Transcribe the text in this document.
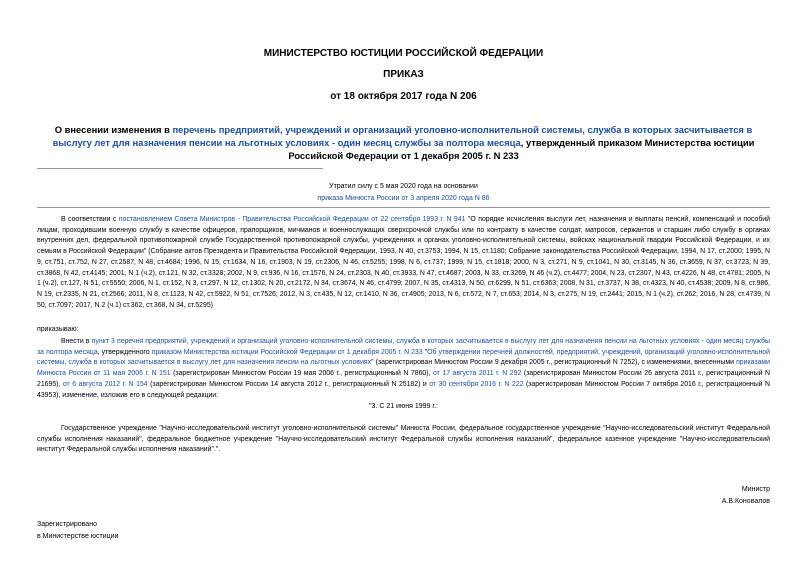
МИНИСТЕРСТВО ЮСТИЦИИ РОССИЙСКОЙ ФЕДЕРАЦИИ
ПРИКАЗ
от 18 октября 2017 года N 206
О внесении изменения в перечень предприятий, учреждений и организаций уголовно-исполнительной системы, служба в которых засчитывается в выслугу лет для назначения пенсии на льготных условиях - один месяц службы за полтора месяца, утвержденный приказом Министерства юстиции Российской Федерации от 1 декабря 2005 г. N 233
Утратил силу с 5 мая 2020 года на основании
приказа Минюста России от 3 апреля 2020 года N 86
В соответствии с постановлением Совета Министров - Правительства Российской Федерации от 22 сентября 1993 г. N 941 "О порядке исчисления выслуги лет, назначения и выплаты пенсий, компенсаций и пособий лицам, проходившим военную службу в качестве офицеров, прапорщиков, мичманов и военнослужащих сверхсрочной службы или по контракту в качестве солдат, матросов, сержантов и старшин либо службу в органах внутренних дел, федеральной противопожарной службе Государственной противопожарной службы, учреждениях и органах уголовно-исполнительной системы, войсках национальной гвардии Российской Федерации, и их семьям в Российской Федерации" (Собрание актов Президента и Правительства Российской Федерации, 1993, N 40, ст.3753; 1994, N 15, ст.1180; Собрание законодательства Российской Федерации, 1994, N 17, ст.2000; 1995, N 9, ст.751, ст.752, N 27, ст.2587, N 48, ст.4684; 1996, N 15, ст.1634, N 16, ст.1903, N 19, ст.2306, N 46, ст.5255; 1998, N 6, ст.737; 1999, N 15, ст.1818; 2000, N 3, ст.271, N 9, ст.1041, N 30, ст.3145, N 36, ст.3659, N 37, ст.3723, N 39, ст.3868, N 42, ст.4145; 2001, N 1 (ч.2), ст.121, N 32, ст.3328; 2002, N 9, ст.936, N 16, ст.1576, N 24, ст.2303, N 40, ст.3933, N 47, ст.4687; 2003, N 33, ст.3269, N 46 (ч.2), ст.4477; 2004, N 23, ст.2307, N 43, ст.4226, N 48, ст.4781; 2005, N 1 (ч.2), ст.127, N 51, ст.5550; 2006, N 1, ст.152, N 3, ст.297, N 12, ст.1302, N 20, ст.2172, N 34, ст.3674, N 46, ст.4799; 2007, N 35, ст.4313, N 50, ст.6299, N 51, ст.6363; 2008, N 31, ст.3737, N 38, ст.4323, N 40, ст.4538; 2009, N 8, ст.986, N 19, ст.2335, N 21, ст.2566; 2011, N 8, ст.1123, N 42, ст.5922, N 51, ст.7526; 2012, N 3, ст.435, N 12, ст.1410, N 36, ст.4905; 2013, N 6, ст.572, N 7, ст.653; 2014, N 3, ст.275, N 19, ст.2441; 2015, N 1 (ч.2), ст.262; 2016, N 28, ст.4739, N 50, ст.7097; 2017, N 2 (ч.1) ст.362, ст.368, N 34, ст.5295)
приказываю:
Внести в пункт 3 перечня предприятий, учреждений и организаций уголовно-исполнительной системы, служба в которых засчитывается в выслугу лет для назначения пенсии на льготных условиях - один месяц службы за полтора месяца, утвержденного приказом Министерства юстиции Российской Федерации от 1 декабря 2005 г. N 233 "Об утверждении перечней должностей, предприятий, учреждений, организаций уголовно-исполнительной системы, служба в которых засчитывается в выслугу лет для назначения пенсии на льготных условиях" (зарегистрирован Минюстом России 9 декабря 2005 г., регистрационный N 7252), с изменениями, внесенными приказами Минюста России от 11 мая 2006 г. N 151 (зарегистрирован Минюстом России 19 мая 2006 г., регистрационный N 7860), от 17 августа 2011 г. N 292 (зарегистрирован Минюстом России 26 августа 2011 г., регистрационный N 21695), от 6 августа 2012 г. N 154 (зарегистрирован Минюстом России 14 августа 2012 г., регистрационный N 25182) и от 30 сентября 2016 г. N 222 (зарегистрирован Минюстом России 7 октября 2016 г., регистрационный N 43953), изменение, изложив его в следующей редакции:
"3. С 21 июня 1999 г.:
Государственное учреждение "Научно-исследовательский институт уголовно-исполнительной системы" Минюста России, федеральное государственное учреждение "Научно-исследовательский институт Федеральной службы исполнения наказаний", федеральное бюджетное учреждение "Научно-исследовательский институт Федеральной службы исполнения наказаний", федеральное казенное учреждение "Научно-исследовательский институт Федеральной службы исполнения наказаний".".
Министр
А.В.Коновалов
Зарегистрировано
в Министерстве юстиции
